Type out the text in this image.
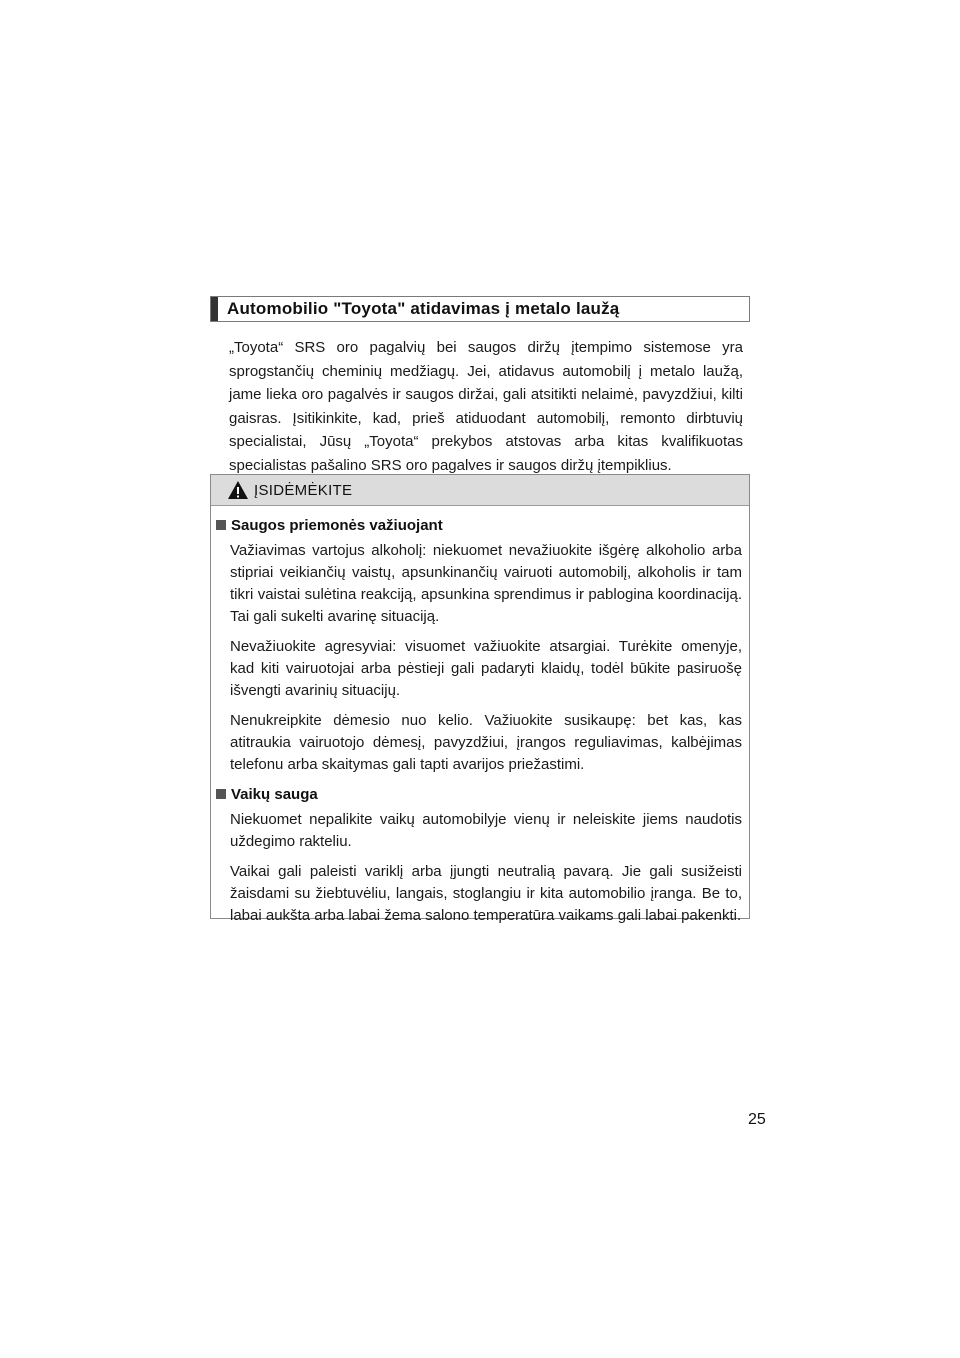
Automobilio "Toyota" atidavimas į metalo laužą

„Toyota“ SRS oro pagalvių bei saugos diržų įtempimo sistemose yra sprogstančių cheminių medžiagų. Jei, atidavus automobilį į metalo laužą, jame lieka oro pagalvės ir saugos diržai, gali atsitikti nelaimė, pavyzdžiui, kilti gaisras. Įsitikinkite, kad, prieš atiduodant automobilį, remonto dirbtuvių specialistai, Jūsų „Toyota“ prekybos atstovas arba kitas kvalifikuotas specialistas pašalino SRS oro pagalves ir saugos diržų įtempiklius.

ĮSIDĖMĖKITE
Saugos priemonės važiuojant

Važiavimas vartojus alkoholį: niekuomet nevažiuokite išgėrę alkoholio arba stipriai veikiančių vaistų, apsunkinančių vairuoti automobilį, alkoholis ir tam tikri vaistai sulėtina reakciją, apsunkina sprendimus ir pablogina koordinaciją. Tai gali sukelti avarinę situaciją.

Nevažiuokite agresyviai: visuomet važiuokite atsargiai. Turėkite omenyje, kad kiti vairuotojai arba pėstieji gali padaryti klaidų, todėl būkite pasiruošę išvengti avarinių situacijų.

Nenukreipkite dėmesio nuo kelio. Važiuokite susikaupę: bet kas, kas atitraukia vairuotojo dėmesį, pavyzdžiui, įrangos reguliavimas, kalbėjimas telefonu arba skaitymas gali tapti avarijos priežastimi.

Vaikų sauga

Niekuomet nepalikite vaikų automobilyje vienų ir neleiskite jiems naudotis uždegimo rakteliu.

Vaikai gali paleisti variklį arba įjungti neutralią pavarą. Jie gali susižeisti žaisdami su žiebtuvėliu, langais, stoglangiu ir kita automobilio įranga. Be to, labai aukšta arba labai žema salono temperatūra vaikams gali labai pakenkti.

25
